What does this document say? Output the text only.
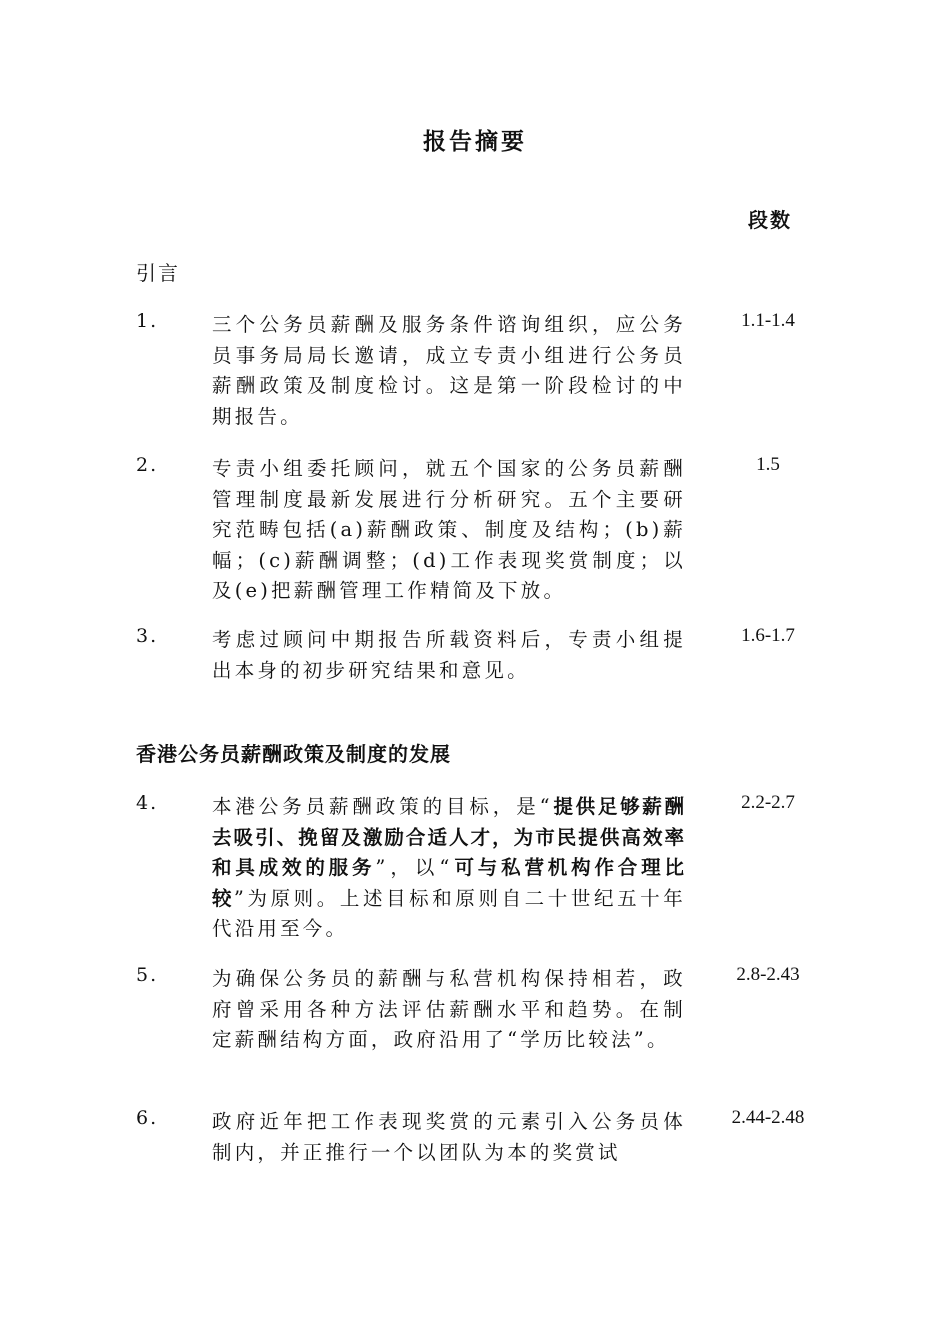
报告摘要
段数
引言
1.	三个公务员薪酬及服务条件谘询组织，应公务员事务局局长邀请，成立专责小组进行公务员薪酬政策及制度检讨。这是第一阶段检讨的中期报告。
1.1-1.4
2.	专责小组委托顾问，就五个国家的公务员薪酬管理制度最新发展进行分析研究。五个主要研究范畴包括(a)薪酬政策、制度及结构；(b)薪幅；(c)薪酬调整；(d)工作表现奖赏制度；以及(e)把薪酬管理工作精简及下放。
1.5
3.	考虑过顾问中期报告所载资料后，专责小组提出本身的初步研究结果和意见。
1.6-1.7
香港公务员薪酬政策及制度的发展
4.	本港公务员薪酬政策的目标，是“提供足够薪酬去吸引、挽留及激励合适人才，为市民提供高效率和具成效的服务”，以“可与私营机构作合理比较”为原则。上述目标和原则自二十世纪五十年代沿用至今。
2.2-2.7
5.	为确保公务员的薪酬与私营机构保持相若，政府曾采用各种方法评估薪酬水平和趋势。在制定薪酬结构方面，政府沿用了“学历比较法”。
2.8-2.43
6.	政府近年把工作表现奖赏的元素引入公务员体制内，并正推行一个以团队为本的奖赏试
2.44-2.48
